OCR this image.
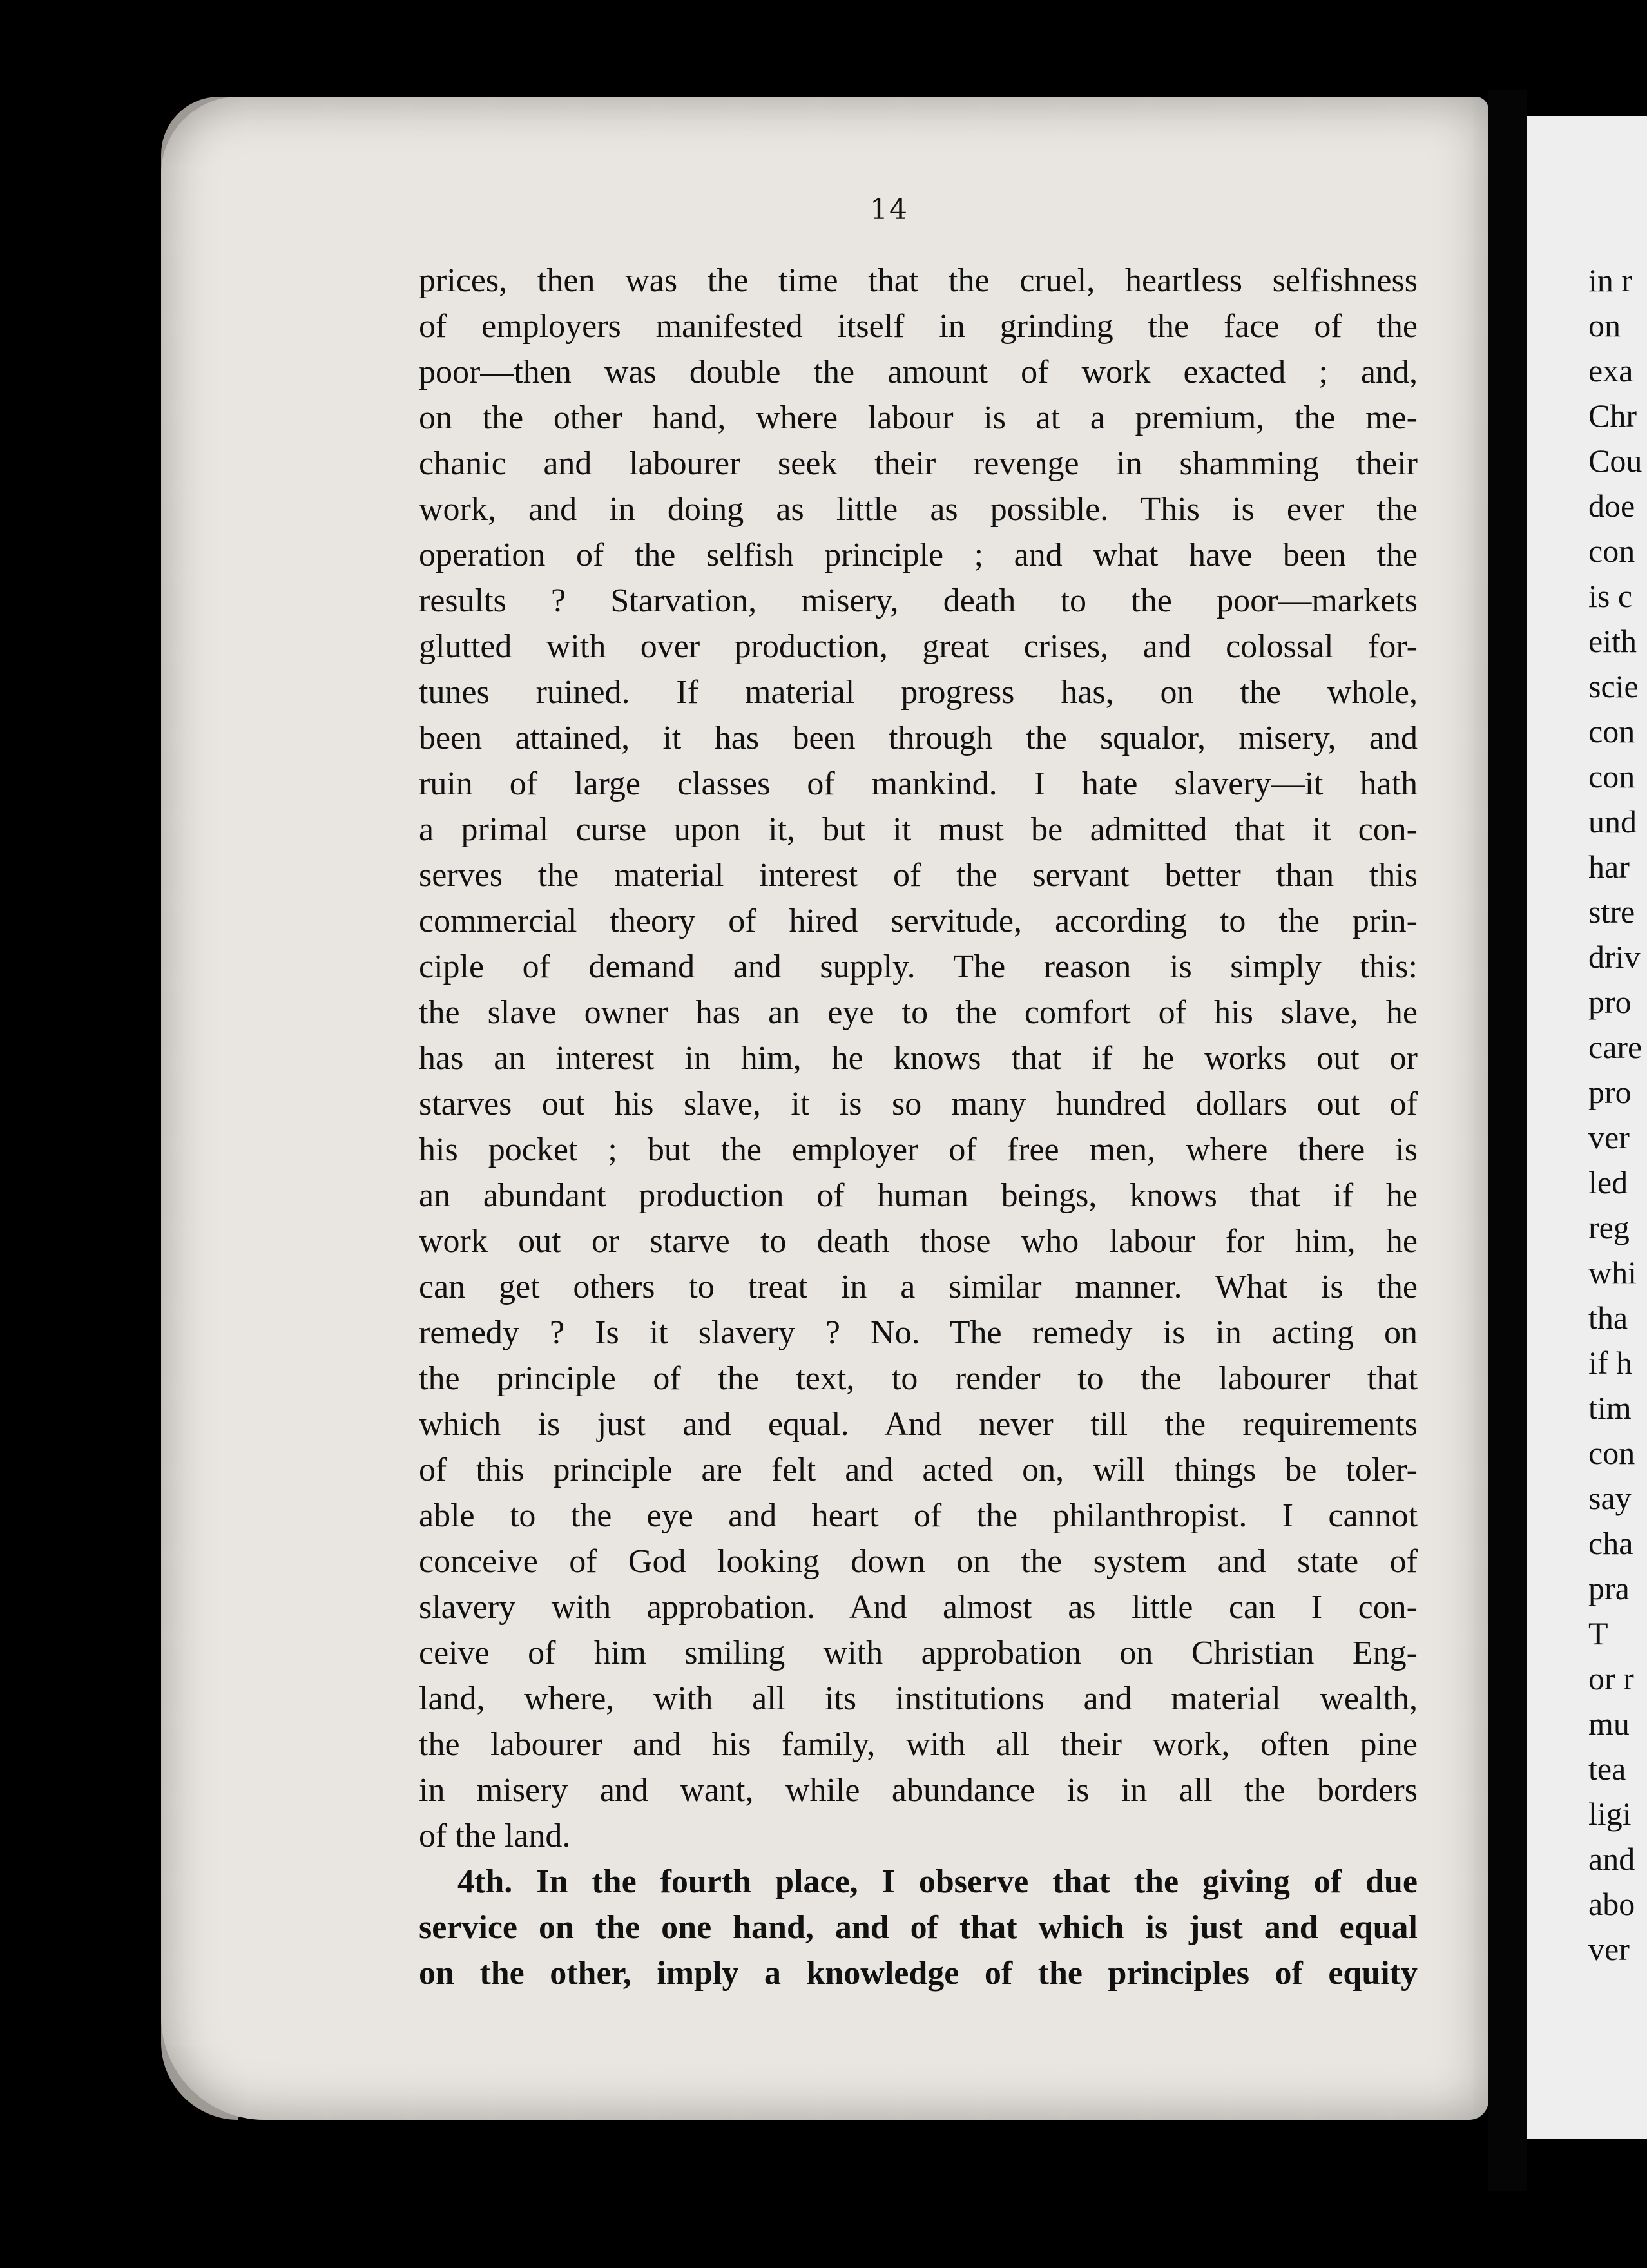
14
prices, then was the time that the cruel, heartless selfishness
of employers manifested itself in grinding the face of the
poor—then was double the amount of work exacted ; and,
on the other hand, where labour is at a premium, the me-
chanic and labourer seek their revenge in shamming their
work, and in doing as little as possible. This is ever the
operation of the selfish principle ; and what have been the
results ? Starvation, misery, death to the poor—markets
glutted with over production, great crises, and colossal for-
tunes ruined. If material progress has, on the whole,
been attained, it has been through the squalor, misery, and
ruin of large classes of mankind. I hate slavery—it hath
a primal curse upon it, but it must be admitted that it con-
serves the material interest of the servant better than this
commercial theory of hired servitude, according to the prin-
ciple of demand and supply. The reason is simply this:
the slave owner has an eye to the comfort of his slave, he
has an interest in him, he knows that if he works out or
starves out his slave, it is so many hundred dollars out of
his pocket ; but the employer of free men, where there is
an abundant production of human beings, knows that if he
work out or starve to death those who labour for him, he
can get others to treat in a similar manner. What is the
remedy ? Is it slavery ? No. The remedy is in acting on
the principle of the text, to render to the labourer that
which is just and equal. And never till the requirements
of this principle are felt and acted on, will things be toler-
able to the eye and heart of the philanthropist. I cannot
conceive of God looking down on the system and state of
slavery with approbation. And almost as little can I con-
ceive of him smiling with approbation on Christian Eng-
land, where, with all its institutions and material wealth,
the labourer and his family, with all their work, often pine
in misery and want, while abundance is in all the borders
of the land.
4th. In the fourth place, I observe that the giving of due
service on the one hand, and of that which is just and equal
on the other, imply a knowledge of the principles of equity
in r
on
exa
Chr
Cou
doe
con
is c
eith
scie
con
con
und
har
stre
driv
pro
care
pro
ver
led
reg
whi
tha
if h
tim
con
say
cha
pra
T
or r
mu
tea
ligi
and
abo
ver
